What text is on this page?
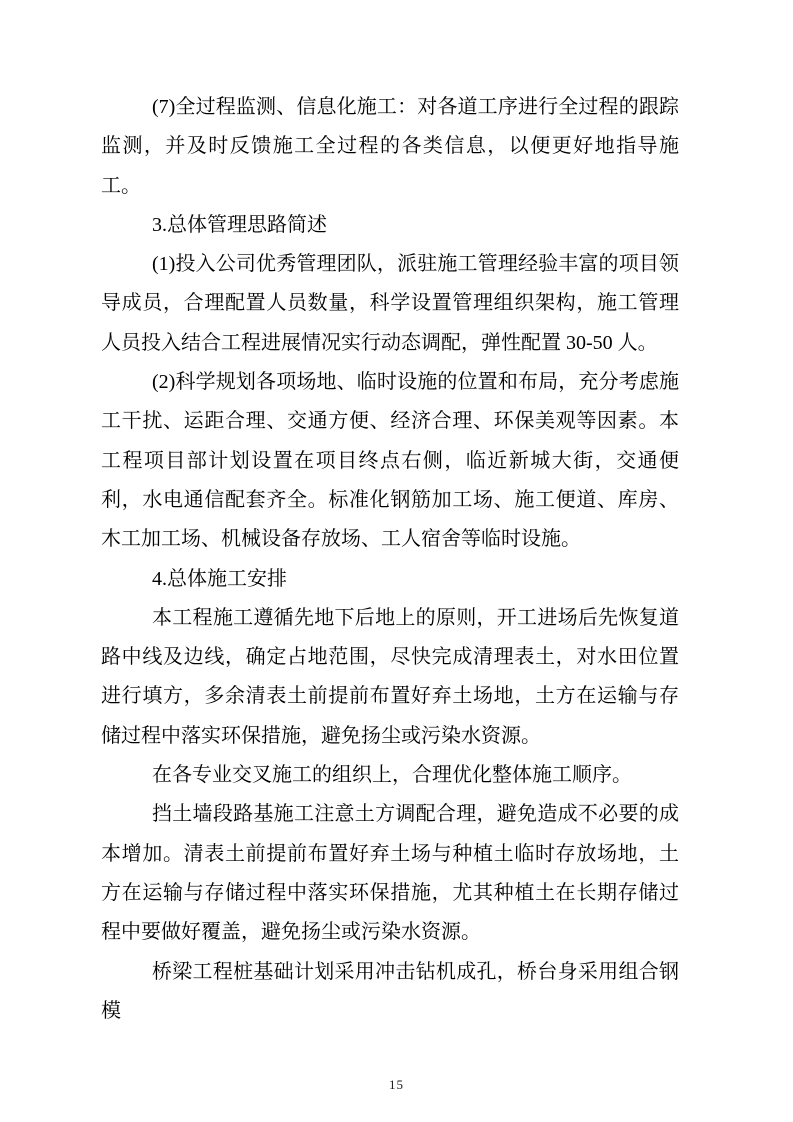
(7)全过程监测、信息化施工：对各道工序进行全过程的跟踪监测，并及时反馈施工全过程的各类信息，以便更好地指导施工。

3.总体管理思路简述

(1)投入公司优秀管理团队，派驻施工管理经验丰富的项目领导成员，合理配置人员数量，科学设置管理组织架构，施工管理人员投入结合工程进展情况实行动态调配，弹性配置 30-50 人。

(2)科学规划各项场地、临时设施的位置和布局，充分考虑施工干扰、运距合理、交通方便、经济合理、环保美观等因素。本工程项目部计划设置在项目终点右侧，临近新城大街，交通便利，水电通信配套齐全。标准化钢筋加工场、施工便道、库房、木工加工场、机械设备存放场、工人宿舍等临时设施。

4.总体施工安排

本工程施工遵循先地下后地上的原则，开工进场后先恢复道路中线及边线，确定占地范围，尽快完成清理表土，对水田位置进行填方，多余清表土前提前布置好弃土场地，土方在运输与存储过程中落实环保措施，避免扬尘或污染水资源。

在各专业交叉施工的组织上，合理优化整体施工顺序。

挡土墙段路基施工注意土方调配合理，避免造成不必要的成本增加。清表土前提前布置好弃土场与种植土临时存放场地，土方在运输与存储过程中落实环保措施，尤其种植土在长期存储过程中要做好覆盖，避免扬尘或污染水资源。

桥梁工程桩基础计划采用冲击钻机成孔，桥台身采用组合钢模

15
